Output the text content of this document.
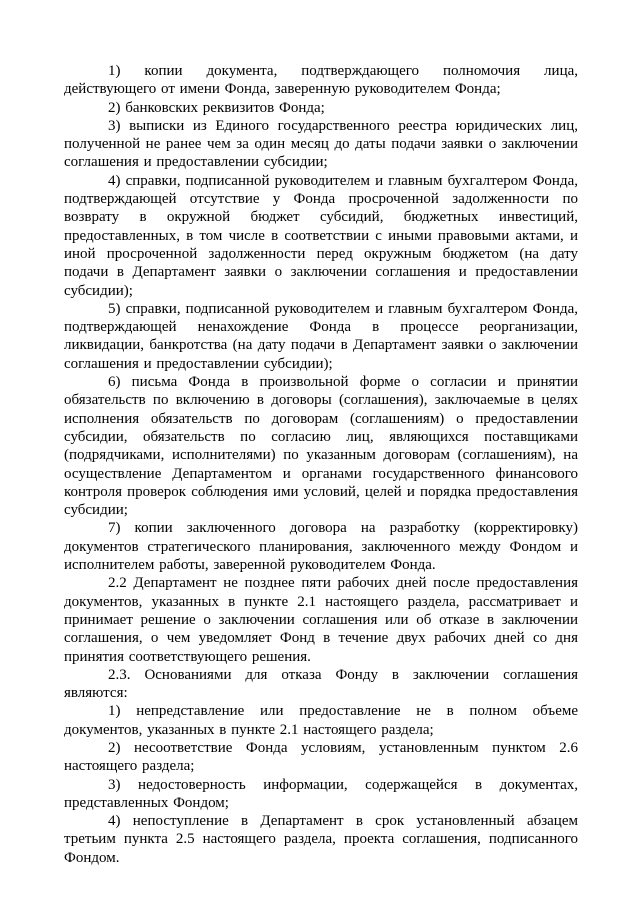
1) копии документа, подтверждающего полномочия лица, действующего от имени Фонда, заверенную руководителем Фонда;

2) банковских реквизитов Фонда;

3) выписки из Единого государственного реестра юридических лиц, полученной не ранее чем за один месяц до даты подачи заявки о заключении соглашения и предоставлении субсидии;

4) справки, подписанной руководителем и главным бухгалтером Фонда, подтверждающей отсутствие у Фонда просроченной задолженности по возврату в окружной бюджет субсидий, бюджетных инвестиций, предоставленных, в том числе в соответствии с иными правовыми актами, и иной просроченной задолженности перед окружным бюджетом (на дату подачи в Департамент заявки о заключении соглашения и предоставлении субсидии);

5) справки, подписанной руководителем и главным бухгалтером Фонда, подтверждающей ненахождение Фонда в процессе реорганизации, ликвидации, банкротства (на дату подачи в Департамент заявки о заключении соглашения и предоставлении субсидии);

6) письма Фонда в произвольной форме о согласии и принятии обязательств по включению в договоры (соглашения), заключаемые в целях исполнения обязательств по договорам (соглашениям) о предоставлении субсидии, обязательств по согласию лиц, являющихся поставщиками (подрядчиками, исполнителями) по указанным договорам (соглашениям), на осуществление Департаментом и органами государственного финансового контроля проверок соблюдения ими условий, целей и порядка предоставления субсидии;

7) копии заключенного договора на разработку (корректировку) документов стратегического планирования, заключенного между Фондом и исполнителем работы, заверенной руководителем Фонда.

2.2 Департамент не позднее пяти рабочих дней после предоставления документов, указанных в пункте 2.1 настоящего раздела, рассматривает и принимает решение о заключении соглашения или об отказе в заключении соглашения, о чем уведомляет Фонд в течение двух рабочих дней со дня принятия соответствующего решения.

2.3. Основаниями для отказа Фонду в заключении соглашения являются:

1) непредставление или предоставление не в полном объеме документов, указанных в пункте 2.1 настоящего раздела;

2) несоответствие Фонда условиям, установленным пунктом 2.6 настоящего раздела;

3) недостоверность информации, содержащейся в документах, представленных Фондом;

4) непоступление в Департамент в срок установленный абзацем третьим пункта 2.5 настоящего раздела, проекта соглашения, подписанного Фондом.
